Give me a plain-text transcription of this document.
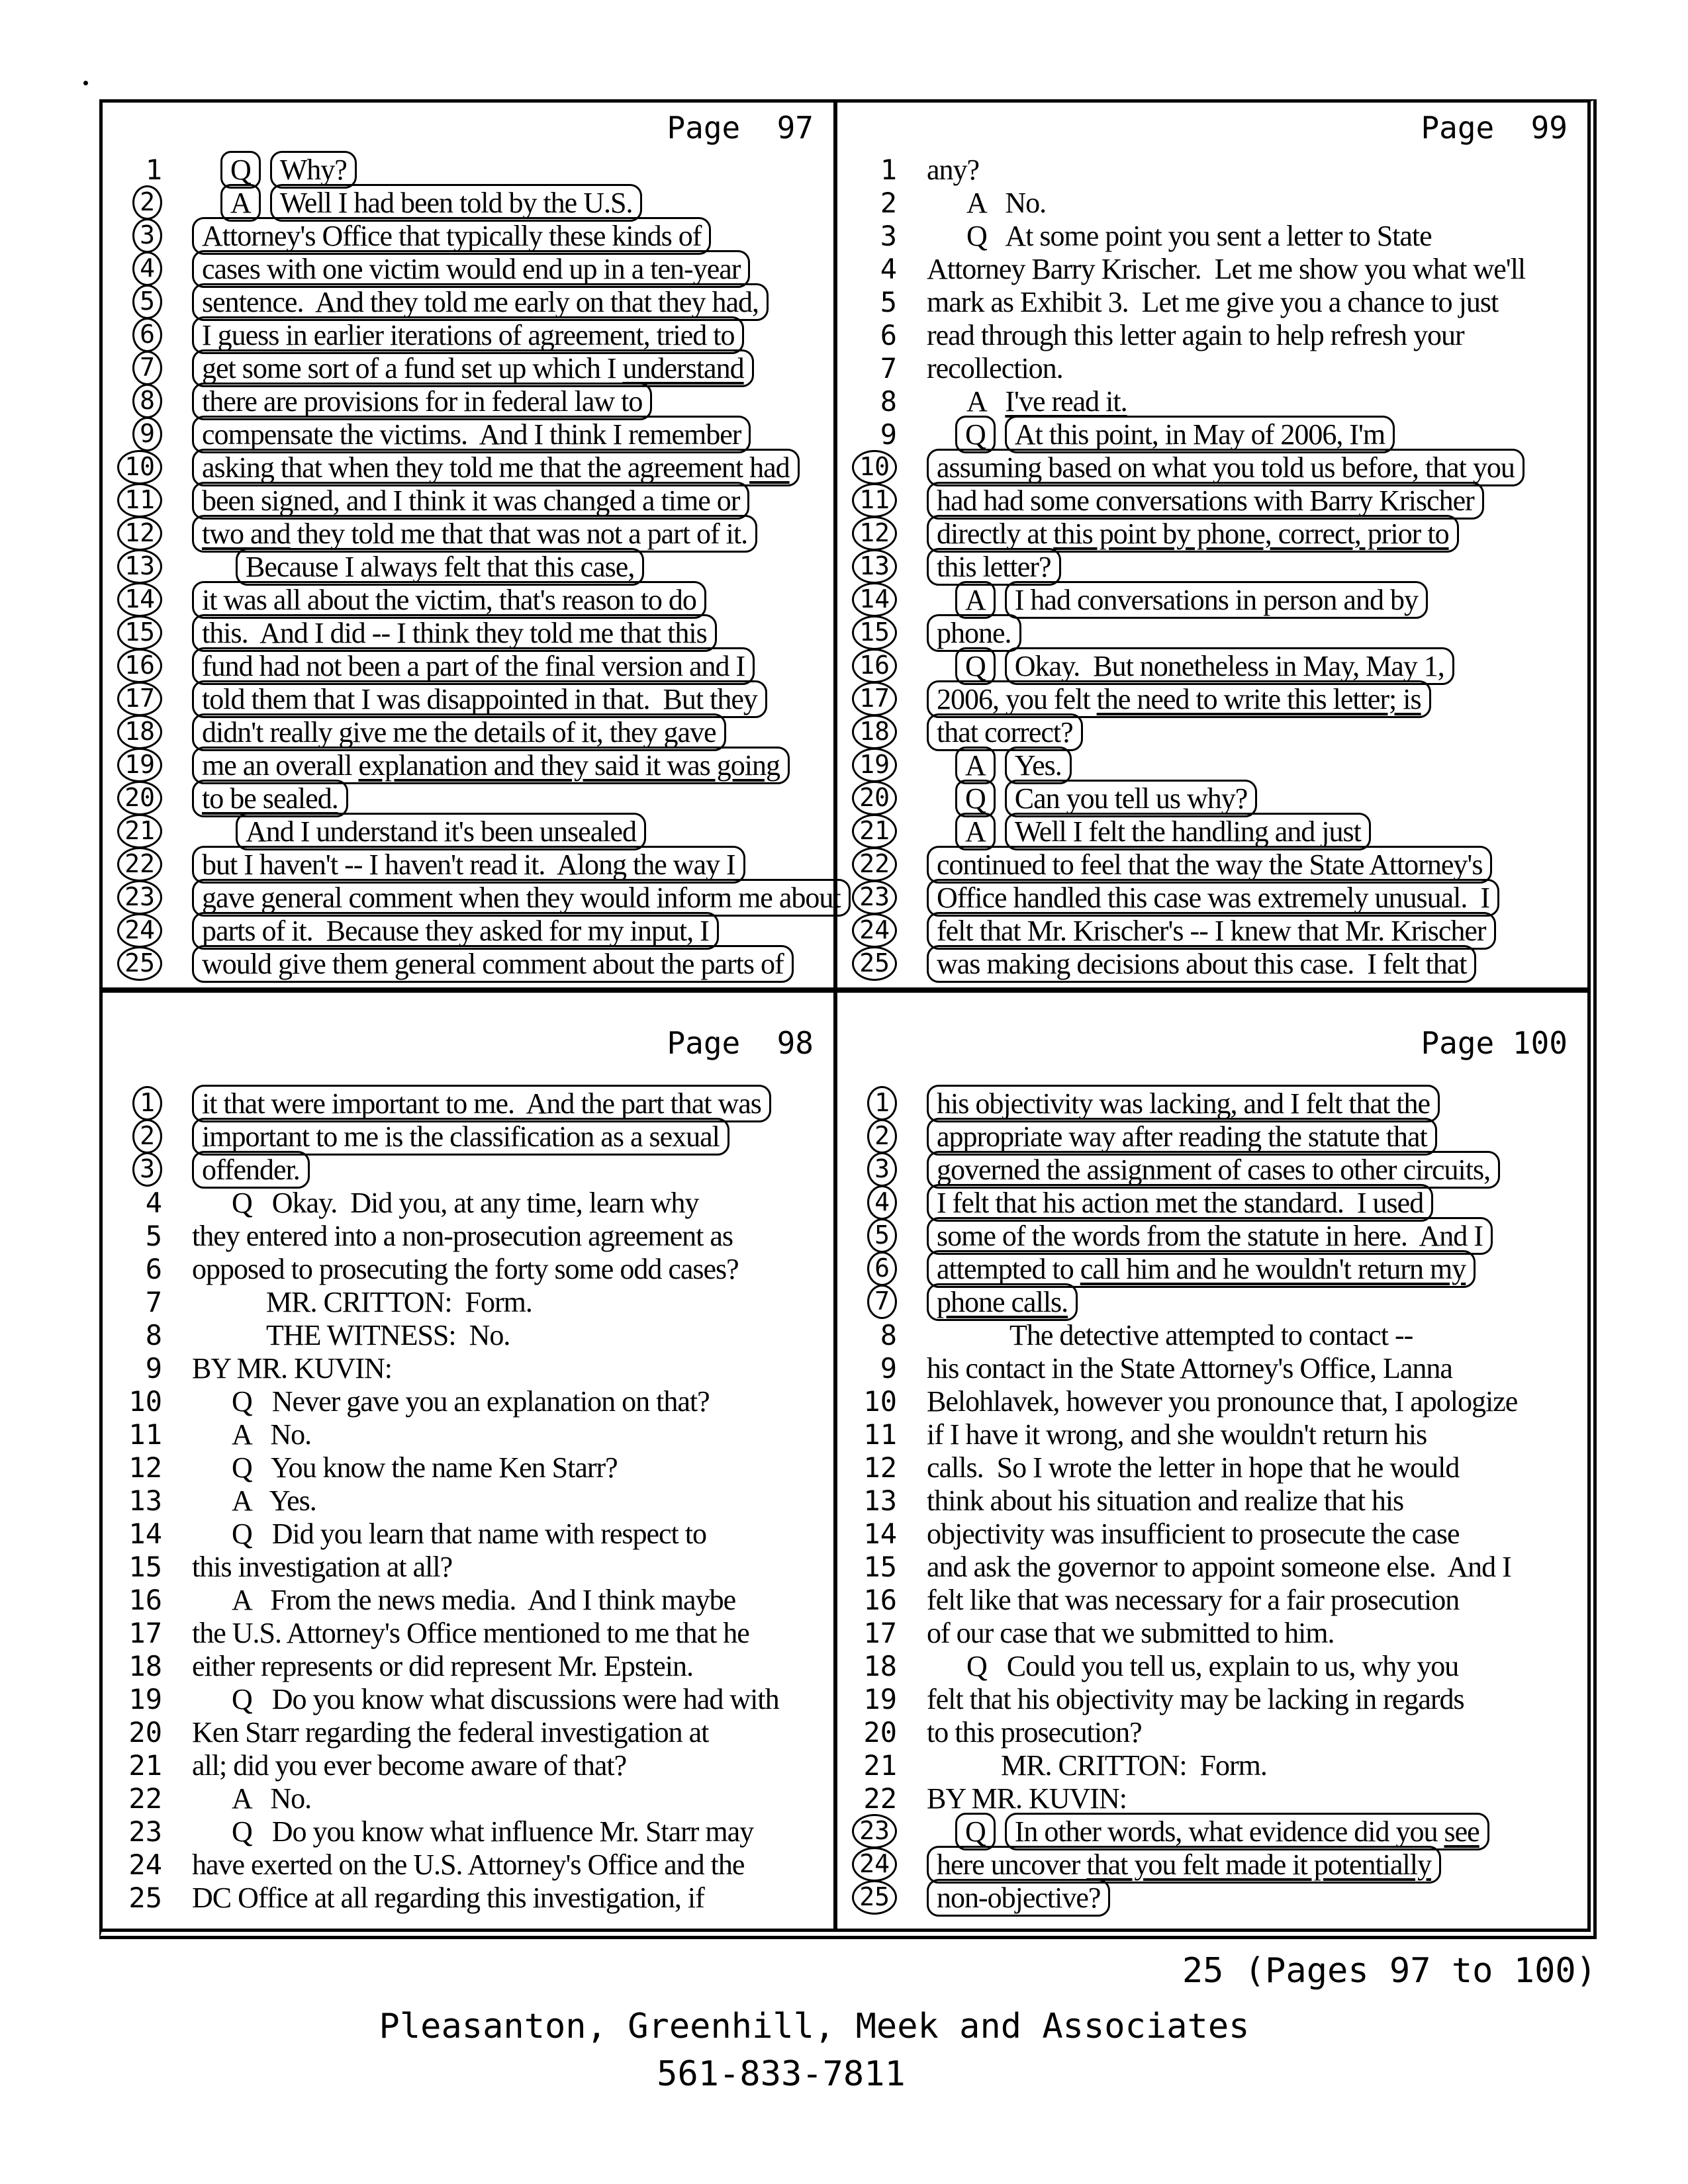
Page  97
1	Q	Why?
2	A	Well I had been told by the U.S.
3	Attorney's Office that typically these kinds of
4	cases with one victim would end up in a ten-year
5	sentence.  And they told me early on that they had,
6	I guess in earlier iterations of agreement, tried to
7	get some sort of a fund set up which I understand
8	there are provisions for in federal law to
9	compensate the victims.  And I think I remember
10	asking that when they told me that the agreement had
11	been signed, and I think it was changed a time or
12	two and they told me that that was not a part of it.
13	Because I always felt that this case,
14	it was all about the victim, that's reason to do
15	this.  And I did -- I think they told me that this
16	fund had not been a part of the final version and I
17	told them that I was disappointed in that.  But they
18	didn't really give me the details of it, they gave
19	me an overall explanation and they said it was going
20	to be sealed.
21	And I understand it's been unsealed
22	but I haven't -- I haven't read it.  Along the way I
23	gave general comment when they would inform me about
24	parts of it.  Because they asked for my input, I
25	would give them general comment about the parts of
Page  99
1 any?
2 A   No.
3 Q   At some point you sent a letter to State
4 Attorney Barry Krischer.  Let me show you what we'll
5 mark as Exhibit 3.  Let me give you a chance to just
6 read through this letter again to help refresh your
7 recollection.
8 A   I've read it.
9	Q	At this point, in May of 2006, I'm
10	assuming based on what you told us before, that you
11	had had some conversations with Barry Krischer
12	directly at this point by phone, correct, prior to
13	this letter?
14	A	I had conversations in person and by
15	phone.
16	Q	Okay.  But nonetheless in May, May 1,
17	2006, you felt the need to write this letter; is
18	that correct?
19	A	Yes.
20	Q	Can you tell us why?
21	A	Well I felt the handling and just
22	continued to feel that the way the State Attorney's
23	Office handled this case was extremely unusual.  I
24	felt that Mr. Krischer's -- I knew that Mr. Krischer
25	was making decisions about this case.  I felt that
Page  98
1	it that were important to me.  And the part that was
2	important to me is the classification as a sexual
3	offender.
4 Q   Okay.  Did you, at any time, learn why
5 they entered into a non-prosecution agreement as
6 opposed to prosecuting the forty some odd cases?
7	MR. CRITTON:  Form.
8	THE WITNESS:  No.
9 BY MR. KUVIN:
10 Q   Never gave you an explanation on that?
11 A   No.
12 Q   You know the name Ken Starr?
13 A   Yes.
14 Q   Did you learn that name with respect to
15 this investigation at all?
16 A   From the news media.  And I think maybe
17 the U.S. Attorney's Office mentioned to me that he
18 either represents or did represent Mr. Epstein.
19 Q   Do you know what discussions were had with
20 Ken Starr regarding the federal investigation at
21 all; did you ever become aware of that?
22 A   No.
23 Q   Do you know what influence Mr. Starr may
24 have exerted on the U.S. Attorney's Office and the
25 DC Office at all regarding this investigation, if
Page 100
1	his objectivity was lacking, and I felt that the
2	appropriate way after reading the statute that
3	governed the assignment of cases to other circuits,
4	I felt that his action met the standard.  I used
5	some of the words from the statute in here.  And I
6	attempted to call him and he wouldn't return my
7	phone calls.
8	The detective attempted to contact --
9 his contact in the State Attorney's Office, Lanna
10 Belohlavek, however you pronounce that, I apologize
11 if I have it wrong, and she wouldn't return his
12 calls.  So I wrote the letter in hope that he would
13 think about his situation and realize that his
14 objectivity was insufficient to prosecute the case
15 and ask the governor to appoint someone else.  And I
16 felt like that was necessary for a fair prosecution
17 of our case that we submitted to him.
18 Q   Could you tell us, explain to us, why you
19 felt that his objectivity may be lacking in regards
20 to this prosecution?
21	MR. CRITTON:  Form.
22 BY MR. KUVIN:
23	Q	In other words, what evidence did you see
24	here uncover that you felt made it potentially
25	non-objective?
25 (Pages 97 to 100)
Pleasanton, Greenhill, Meek and Associates
561-833-7811
